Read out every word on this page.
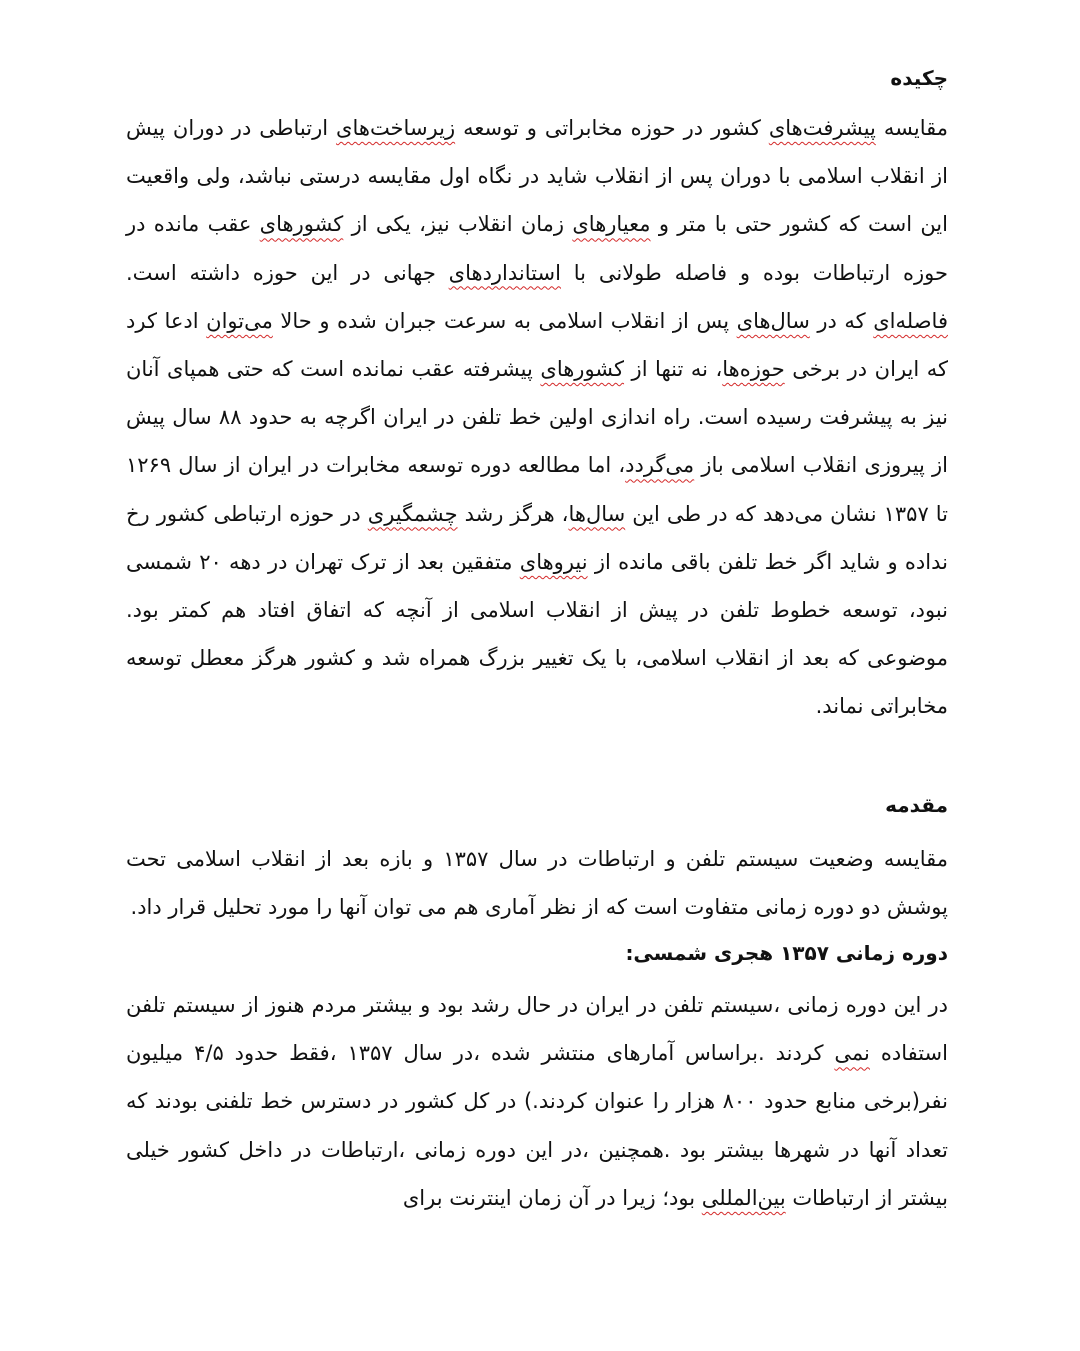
چکیده

مقایسه پیشرفت‌های کشور در حوزه مخابراتی و توسعه زیرساخت‌های ارتباطی در دوران پیش از انقلاب اسلامی با دوران پس از انقلاب شاید در نگاه اول مقایسه درستی نباشد، ولی واقعیت این است که کشور حتی با متر و معیارهای زمان انقلاب نیز، یکی از کشورهای عقب مانده در حوزه ارتباطات بوده و فاصله طولانی با استانداردهای جهانی در این حوزه داشته است. فاصله‌ای که در سال‌های پس از انقلاب اسلامی به سرعت جبران شده و حالا می‌توان ادعا کرد که ایران در برخی حوزه‌ها، نه تنها از کشورهای پیشرفته عقب نمانده است که حتی همپای آنان نیز به پیشرفت رسیده است. راه اندازی اولین خط تلفن در ایران اگرچه به حدود ۸۸ سال پیش از پیروزی انقلاب اسلامی باز می‌گردد، اما مطالعه دوره توسعه مخابرات در ایران از سال ۱۲۶۹ تا ۱۳۵۷ نشان می‌دهد که در طی این سال‌ها، هرگز رشد چشمگیری در حوزه ارتباطی کشور رخ نداده و شاید اگر خط تلفن باقی مانده از نیروهای متفقین بعد از ترک تهران در دهه ۲۰ شمسی نبود، توسعه خطوط تلفن در پیش از انقلاب اسلامی از آنچه که اتفاق افتاد هم کمتر بود. موضوعی که بعد از انقلاب اسلامی، با یک تغییر بزرگ همراه شد و کشور هرگز معطل توسعه مخابراتی نماند.

مقدمه

مقایسه وضعیت سیستم تلفن و ارتباطات در سال ۱۳۵۷ و بازه بعد از انقلاب اسلامی تحت پوشش دو دوره زمانی متفاوت است که از نظر آماری هم می توان آنها را مورد تحلیل قرار داد.

دوره زمانی ۱۳۵۷ هجری شمسی:

در این دوره زمانی ،سیستم تلفن در ایران در حال رشد بود و بیشتر مردم هنوز از سیستم تلفن استفاده نمی کردند .براساس آمارهای منتشر شده ،در سال ۱۳۵۷ ،فقط حدود ۴/۵ میلیون نفر(برخی منابع حدود ۸۰۰ هزار را عنوان کردند.) در کل کشور در دسترس خط تلفنی بودند که تعداد آنها در شهرها بیشتر بود .همچنین ،در این دوره زمانی ،ارتباطات در داخل کشور خیلی بیشتر از ارتباطات بین‌المللی بود؛ زیرا در آن زمان اینترنت برای
